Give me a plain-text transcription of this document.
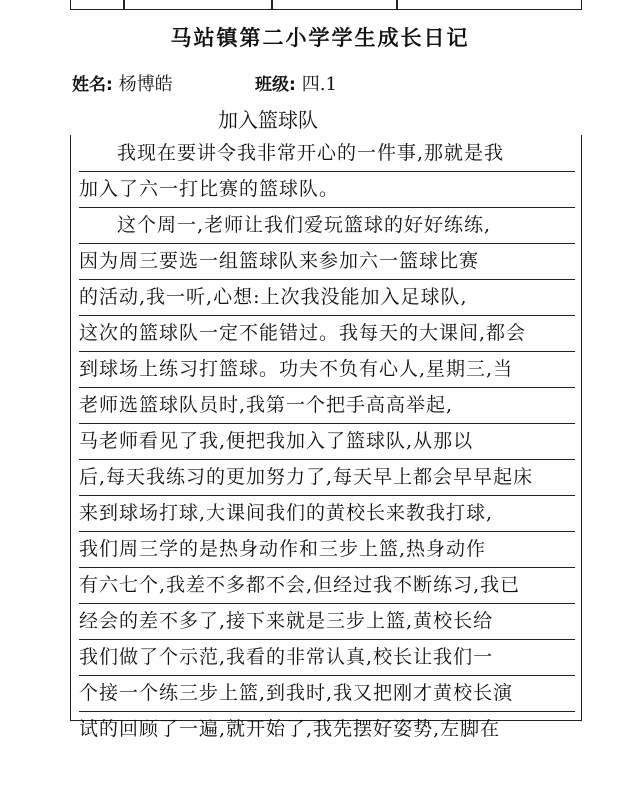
马站镇第二小学学生成长日记
姓名: 杨博皓	班级: 四.1
加入篮球队
我现在要讲令我非常开心的一件事,那就是我
加入了六一打比赛的篮球队。
这个周一,老师让我们爱玩篮球的好好练练,
因为周三要选一组篮球队来参加六一篮球比赛
的活动,我一听,心想:上次我没能加入足球队,
这次的篮球队一定不能错过。我每天的大课间,都会
到球场上练习打篮球。功夫不负有心人,星期三,当
老师选篮球队员时,我第一个把手高高举起,
马老师看见了我,便把我加入了篮球队,从那以
后,每天我练习的更加努力了,每天早上都会早早起床
来到球场打球,大课间我们的黄校长来教我打球,
我们周三学的是热身动作和三步上篮,热身动作
有六七个,我差不多都不会,但经过我不断练习,我已
经会的差不多了,接下来就是三步上篮,黄校长给
我们做了个示范,我看的非常认真,校长让我们一
个接一个练三步上篮,到我时,我又把刚才黄校长演
试的回顾了一遍,就开始了,我先摆好姿势,左脚在
